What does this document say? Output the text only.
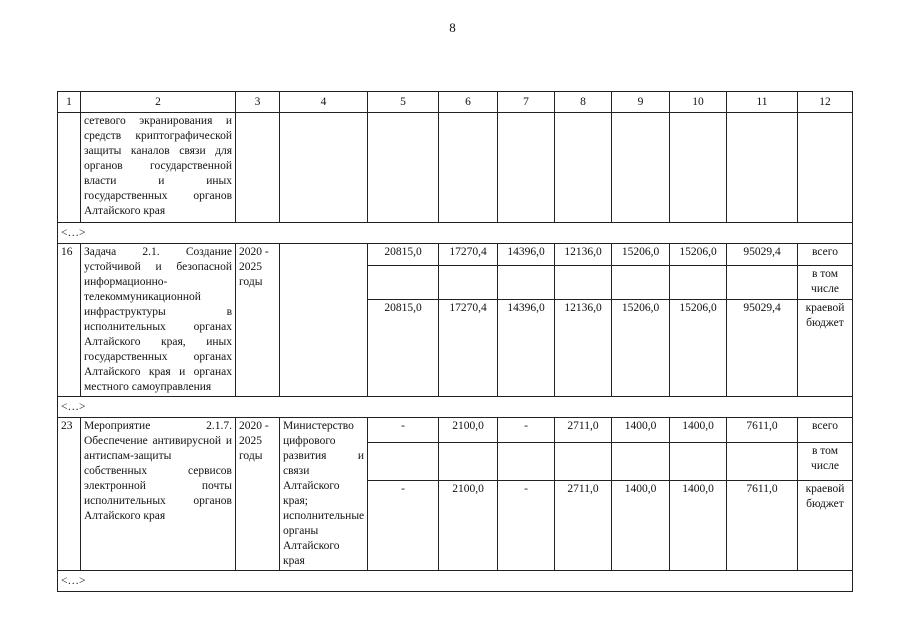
8
1	2	3	4	5	6	7	8	9	10	11	12
	сетевого экранирования и средств криптографической защиты каналов связи для органов государственной власти и иных государственных органов Алтайского края										
<…>											
16	Задача 2.1. Создание устойчивой и безопасной информационно-телекоммуникационной инфраструктуры в исполнительных органах Алтайского края, иных государственных органах Алтайского края и органах местного самоуправления	2020 - 2025 годы		20815,0	17270,4	14396,0	12136,0	15206,0	15206,0	95029,4	всего
											в том числе
				20815,0	17270,4	14396,0	12136,0	15206,0	15206,0	95029,4	краевой бюджет
<…>											
23	Мероприятие 2.1.7. Обеспечение антивирусной и антиспам-защиты собственных сервисов электронной почты исполнительных органов Алтайского края	2020 - 2025 годы	Министерство цифрового развития и связи Алтайского края; исполнительные органы Алтайского края	-	2100,0	-	2711,0	1400,0	1400,0	7611,0	всего
											в том числе
				-	2100,0	-	2711,0	1400,0	1400,0	7611,0	краевой бюджет
<…>											
